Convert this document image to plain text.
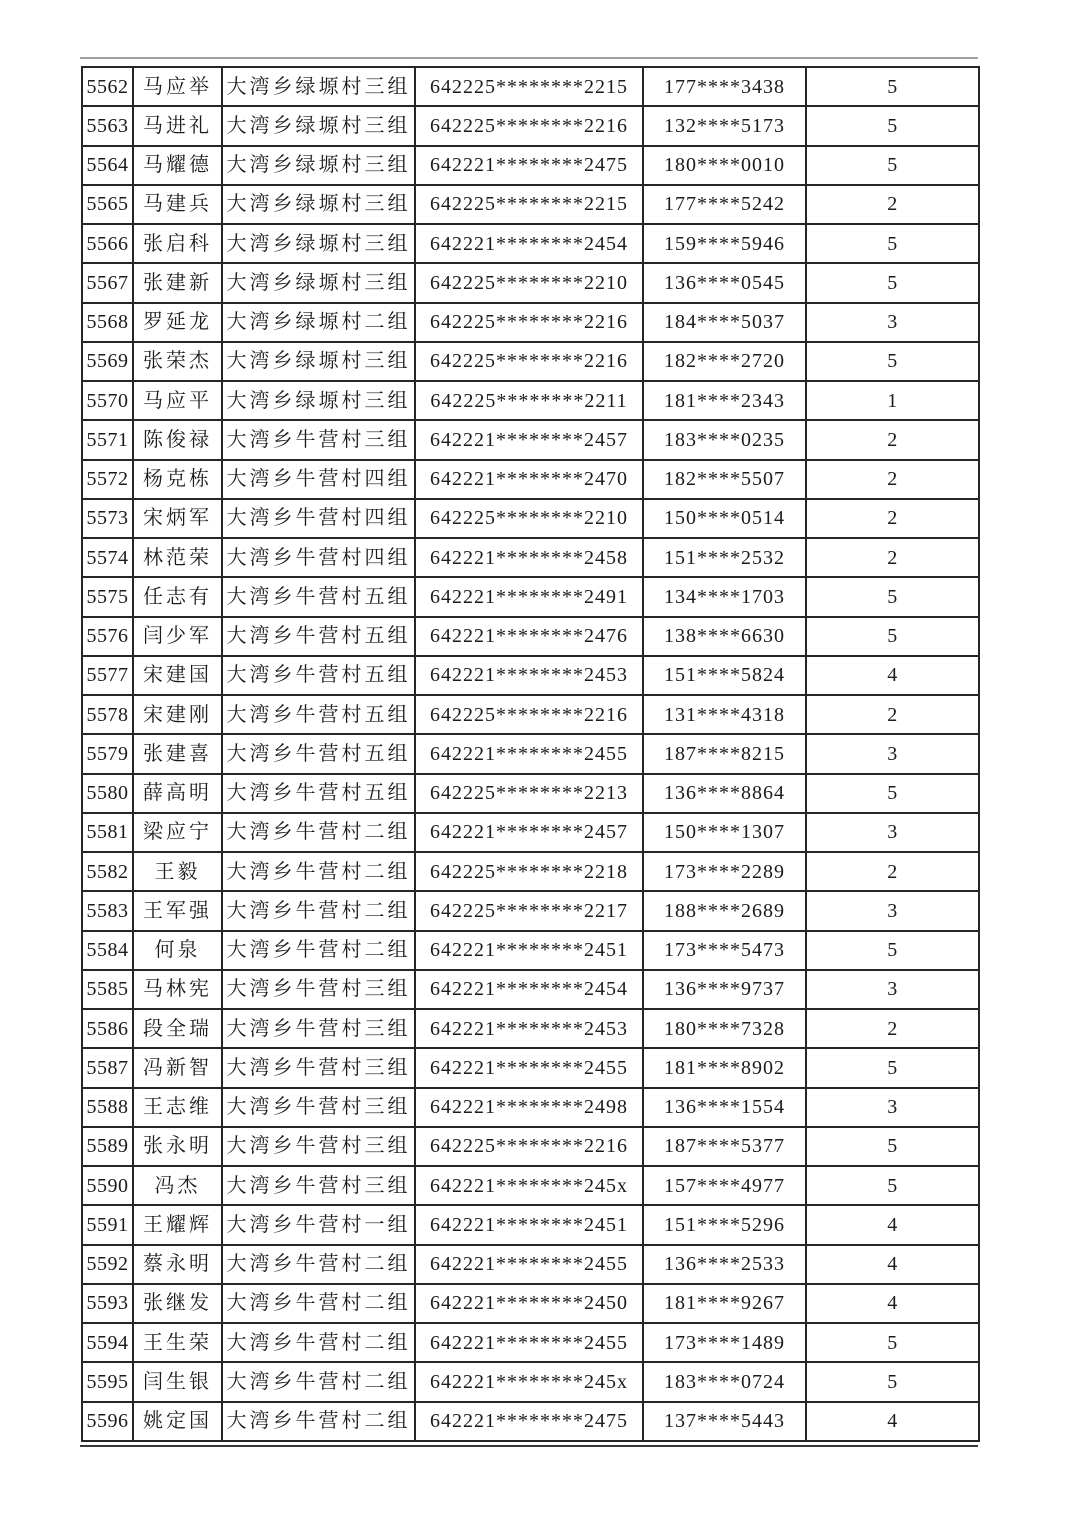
5562	马应举	大湾乡绿塬村三组	642225********2215	177****3438	5
5563	马进礼	大湾乡绿塬村三组	642225********2216	132****5173	5
5564	马耀德	大湾乡绿塬村三组	642221********2475	180****0010	5
5565	马建兵	大湾乡绿塬村三组	642225********2215	177****5242	2
5566	张启科	大湾乡绿塬村三组	642221********2454	159****5946	5
5567	张建新	大湾乡绿塬村三组	642225********2210	136****0545	5
5568	罗延龙	大湾乡绿塬村二组	642225********2216	184****5037	3
5569	张荣杰	大湾乡绿塬村三组	642225********2216	182****2720	5
5570	马应平	大湾乡绿塬村三组	642225********2211	181****2343	1
5571	陈俊禄	大湾乡牛营村三组	642221********2457	183****0235	2
5572	杨克栋	大湾乡牛营村四组	642221********2470	182****5507	2
5573	宋炳军	大湾乡牛营村四组	642225********2210	150****0514	2
5574	林范荣	大湾乡牛营村四组	642221********2458	151****2532	2
5575	任志有	大湾乡牛营村五组	642221********2491	134****1703	5
5576	闫少军	大湾乡牛营村五组	642221********2476	138****6630	5
5577	宋建国	大湾乡牛营村五组	642221********2453	151****5824	4
5578	宋建刚	大湾乡牛营村五组	642225********2216	131****4318	2
5579	张建喜	大湾乡牛营村五组	642221********2455	187****8215	3
5580	薛高明	大湾乡牛营村五组	642225********2213	136****8864	5
5581	梁应宁	大湾乡牛营村二组	642221********2457	150****1307	3
5582	王毅	大湾乡牛营村二组	642225********2218	173****2289	2
5583	王军强	大湾乡牛营村二组	642225********2217	188****2689	3
5584	何泉	大湾乡牛营村二组	642221********2451	173****5473	5
5585	马林宪	大湾乡牛营村三组	642221********2454	136****9737	3
5586	段全瑞	大湾乡牛营村三组	642221********2453	180****7328	2
5587	冯新智	大湾乡牛营村三组	642221********2455	181****8902	5
5588	王志维	大湾乡牛营村三组	642221********2498	136****1554	3
5589	张永明	大湾乡牛营村三组	642225********2216	187****5377	5
5590	冯杰	大湾乡牛营村三组	642221********245x	157****4977	5
5591	王耀辉	大湾乡牛营村一组	642221********2451	151****5296	4
5592	蔡永明	大湾乡牛营村二组	642221********2455	136****2533	4
5593	张继发	大湾乡牛营村二组	642221********2450	181****9267	4
5594	王生荣	大湾乡牛营村二组	642221********2455	173****1489	5
5595	闫生银	大湾乡牛营村二组	642221********245x	183****0724	5
5596	姚定国	大湾乡牛营村二组	642221********2475	137****5443	4
